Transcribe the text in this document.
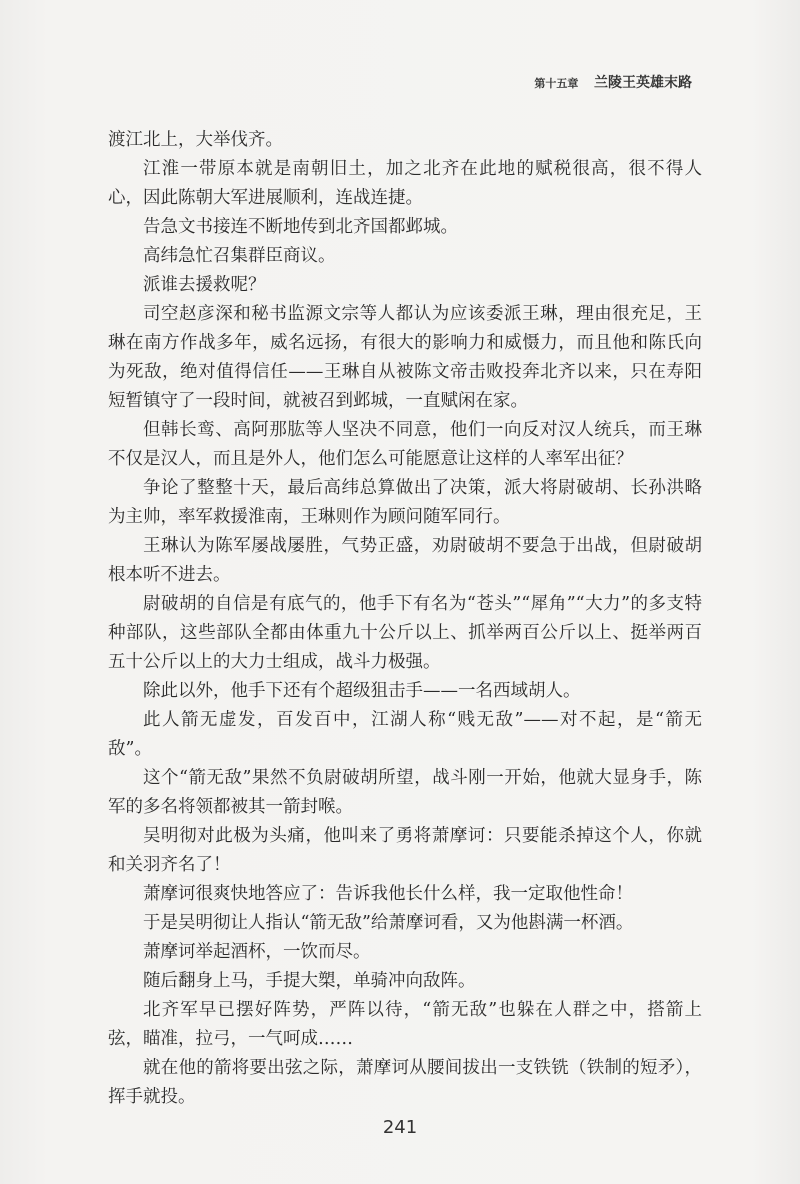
第十五章 兰陵王英雄末路

渡江北上，大举伐齐。

江淮一带原本就是南朝旧土，加之北齐在此地的赋税很高，很不得人心，因此陈朝大军进展顺利，连战连捷。

告急文书接连不断地传到北齐国都邺城。

高纬急忙召集群臣商议。

派谁去援救呢？

司空赵彦深和秘书监源文宗等人都认为应该委派王琳，理由很充足，王琳在南方作战多年，威名远扬，有很大的影响力和威慑力，而且他和陈氏向为死敌，绝对值得信任——王琳自从被陈文帝击败投奔北齐以来，只在寿阳短暂镇守了一段时间，就被召到邺城，一直赋闲在家。

但韩长鸾、高阿那肱等人坚决不同意，他们一向反对汉人统兵，而王琳不仅是汉人，而且是外人，他们怎么可能愿意让这样的人率军出征？

争论了整整十天，最后高纬总算做出了决策，派大将尉破胡、长孙洪略为主帅，率军救援淮南，王琳则作为顾问随军同行。

王琳认为陈军屡战屡胜，气势正盛，劝尉破胡不要急于出战，但尉破胡根本听不进去。

尉破胡的自信是有底气的，他手下有名为“苍头”“犀角”“大力”的多支特种部队，这些部队全都由体重九十公斤以上、抓举两百公斤以上、挺举两百五十公斤以上的大力士组成，战斗力极强。

除此以外，他手下还有个超级狙击手——一名西域胡人。

此人箭无虚发，百发百中，江湖人称“贱无敌”——对不起，是“箭无敌”。

这个“箭无敌”果然不负尉破胡所望，战斗刚一开始，他就大显身手，陈军的多名将领都被其一箭封喉。

吴明彻对此极为头痛，他叫来了勇将萧摩诃：只要能杀掉这个人，你就和关羽齐名了！

萧摩诃很爽快地答应了：告诉我他长什么样，我一定取他性命！

于是吴明彻让人指认“箭无敌”给萧摩诃看，又为他斟满一杯酒。

萧摩诃举起酒杯，一饮而尽。

随后翻身上马，手提大槊，单骑冲向敌阵。

北齐军早已摆好阵势，严阵以待，“箭无敌”也躲在人群之中，搭箭上弦，瞄准，拉弓，一气呵成……

就在他的箭将要出弦之际，萧摩诃从腰间拔出一支铁铣（铁制的短矛），挥手就投。

241
